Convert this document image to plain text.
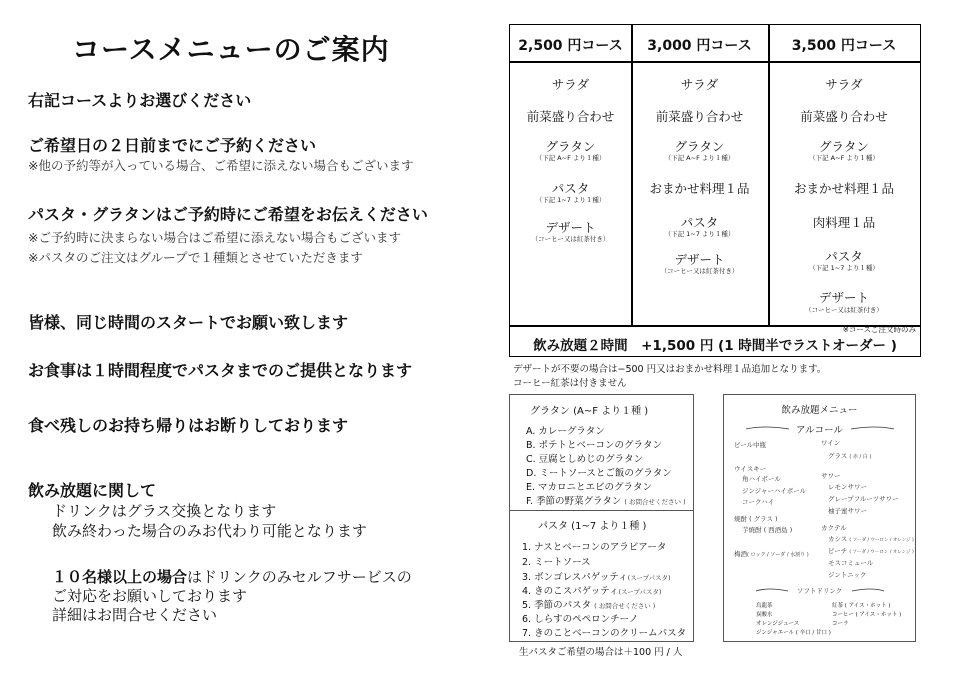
コースメニューのご案内
右記コースよりお選びください
ご希望日の２日前までにご予約ください
※他の予約等が入っている場合、ご希望に添えない場合もございます
パスタ・グラタンはご予約時にご希望をお伝えください
※ご予約時に決まらない場合はご希望に添えない場合もございます
※パスタのご注文はグループで１種類とさせていただきます
皆様、同じ時間のスタートでお願い致します
お食事は１時間程度でパスタまでのご提供となります
食べ残しのお持ち帰りはお断りしております
飲み放題に関して
ドリンクはグラス交換となります
飲み終わった場合のみお代わり可能となります
１０名様以上の場合はドリンクのみセルフサービスの
ご対応をお願いしております
詳細はお問合せください
2,500 円コース
サラダ
前菜盛り合わせ
グラタン
（下記 A~F より１種）
パスタ
（下記 1~7 より１種）
デザート
（コーヒー又は紅茶付き）
3,000 円コース
サラダ
前菜盛り合わせ
グラタン
（下記 A~F より１種）
おまかせ料理１品
パスタ
（下記 1~7 より１種）
デザート
（コーヒー又は紅茶付き）
3,500 円コース
サラダ
前菜盛り合わせ
グラタン
（下記 A~F より１種）
おまかせ料理１品
肉料理１品
パスタ
（下記 1~7 より１種）
デザート
（コーヒー又は紅茶付き）
※コースご注文時のみ
飲み放題２時間　+1,500 円 (1 時間半でラストオーダー )
デザートが不要の場合は−500 円又はおまかせ料理１品追加となります。
コーヒー紅茶は付きません
グラタン (A~F より１種 )
A. カレーグラタン
B. ポテトとベーコンのグラタン
C. 豆腐としめじのグラタン
D. ミートソースとご飯のグラタン
E. マカロニとエビのグラタン
F. 季節の野菜グラタン ( お問合せください )
パスタ (1~7 より１種 )
1. ナスとベーコンのアラビアータ
2. ミートソース
3. ボンゴレスパゲッティ(スープパスタ)
4. きのこスパゲッティ(スープパスタ)
5. 季節のパスタ ( お問合せください )
6. しらすのペペロンチーノ
7. きのことベーコンのクリームパスタ
生パスタご希望の場合は＋100 円 / 人
飲み放題メニュー
アルコール
ビール中瓶
ウイスキー
角ハイボール
ジンジャーハイボール
コークハイ
焼酎 ( グラス )
芋焼酎 ( 西酒島 )
梅酒( ロック / ソーダ / 水割り )
ワイン
グラス ( 赤 / 白 )
サワー
レモンサワー
グレープフルーツサワー
柚子蜜サワー
カクテル
カシス ( ソーダ / ウーロン / オレンジ )
ピーチ ( ソーダ / ウーロン / オレンジ )
モスコミュール
ジントニック
ソフトドリンク
烏龍茶
炭酸水
オレンジジュース
ジンジャエール ( 辛口 / 甘口 )
紅茶 ( アイス・ホット )
コーヒー ( アイス・ホット )
コーラ
